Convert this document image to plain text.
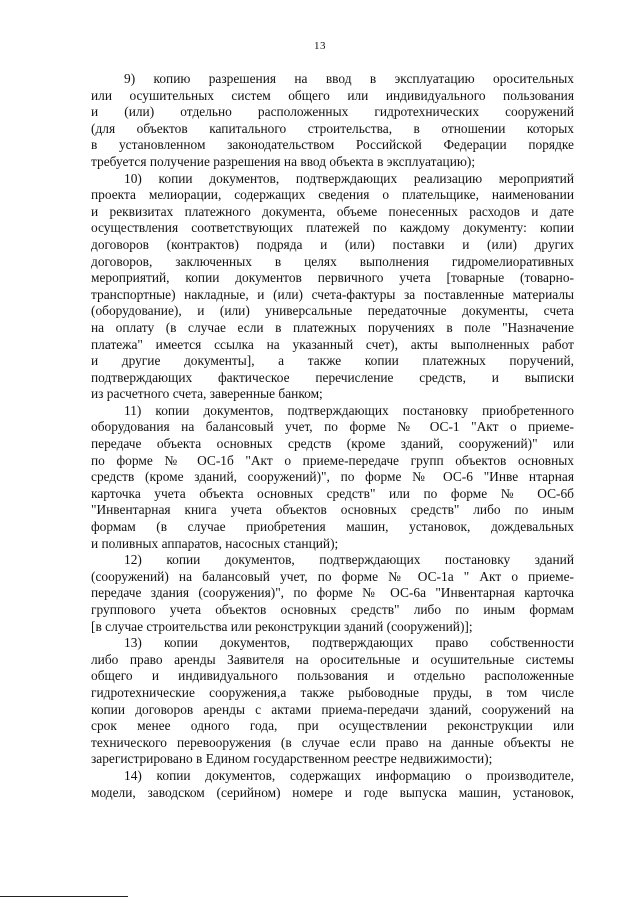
13

9) копию разрешения на ввод в эксплуатацию оросительных
или осушительных систем общего или индивидуального пользования
и (или) отдельно расположенных гидротехнических сооружений
(для объектов капитального строительства, в отношении которых
в установленном законодательством Российской Федерации порядке
требуется получение разрешения на ввод объекта в эксплуатацию);

10) копии документов, подтверждающих реализацию мероприятий
проекта мелиорации, содержащих сведения о плательщике, наименовании
и реквизитах платежного документа, объеме понесенных расходов и дате
осуществления соответствующих платежей по каждому документу: копии
договоров (контрактов) подряда и (или) поставки и (или) других
договоров, заключенных в целях выполнения гидромелиоративных
мероприятий, копии документов первичного учета [товарные (товарно-
транспортные) накладные, и (или) счета-фактуры за поставленные материалы
(оборудование), и (или) универсальные передаточные документы, счета
на оплату (в случае если в платежных поручениях в поле "Назначение
платежа" имеется ссылка на указанный счет), акты выполненных работ
и другие документы], а также копии платежных поручений,
подтверждающих фактическое перечисление средств, и выписки
из расчетного счета, заверенные банком;

11) копии документов, подтверждающих постановку приобретенного
оборудования на балансовый учет, по форме № ОС-1 "Акт о приеме-
передаче объекта основных средств (кроме зданий, сооружений)" или
по форме № ОС-1б "Акт о приеме-передаче групп объектов основных
средств (кроме зданий, сооружений)", по форме № ОС-6 "Инве нтарная
карточка учета объекта основных средств" или по форме № ОС-6б
"Инвентарная книга учета объектов основных средств" либо по иным
формам (в случае приобретения машин, установок, дождевальных
и поливных аппаратов, насосных станций);

12) копии документов, подтверждающих постановку зданий
(сооружений) на балансовый учет, по форме № ОС-1а " Акт о приеме-
передаче здания (сооружения)", по форме № ОС-6а "Инвентарная карточка
группового учета объектов основных средств" либо по иным формам
[в случае строительства или реконструкции зданий (сооружений)];

13) копии документов, подтверждающих право собственности
либо право аренды Заявителя на оросительные и осушительные системы
общего и индивидуального пользования и отдельно расположенные
гидротехнические сооружения,а также рыбоводные пруды, в том числе
копии договоров аренды с актами приема-передачи зданий, сооружений на
срок менее одного года, при осуществлении реконструкции или
технического перевооружения (в случае если право на данные объекты не
зарегистрировано в Едином государственном реестре недвижимости);

14) копии документов, содержащих информацию о производителе,
модели, заводском (серийном) номере и годе выпуска машин, установок,
